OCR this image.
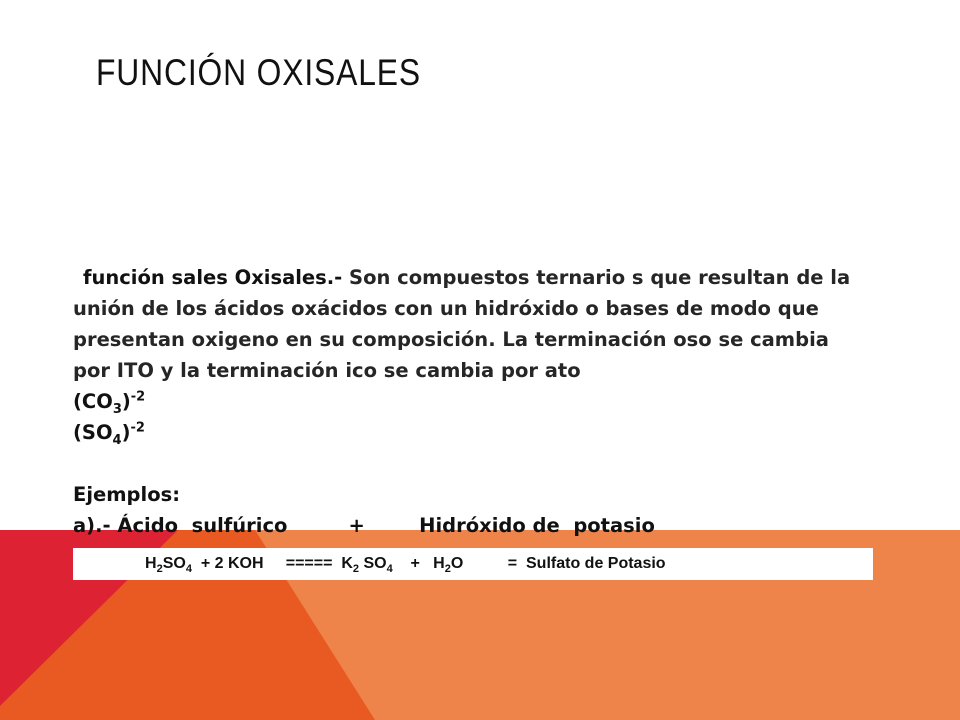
FUNCIÓN OXISALES

función sales Oxisales.- Son compuestos ternario s que resultan de la unión de los ácidos oxácidos con un hidróxido o bases de modo que presentan oxigeno en su composición. La terminación oso se cambia por ITO y la terminación ico se cambia por ato

$(CO_3)^{-2}$

$(SO_4)^{-2}$

Ejemplos:

a).- Ácido  sulfúrico         +        Hidróxido de  potasio

$H_2SO_4 + 2$ KOH     =====  $K_2$ $SO_4$    +   $H_2O$          =  Sulfato de Potasio
